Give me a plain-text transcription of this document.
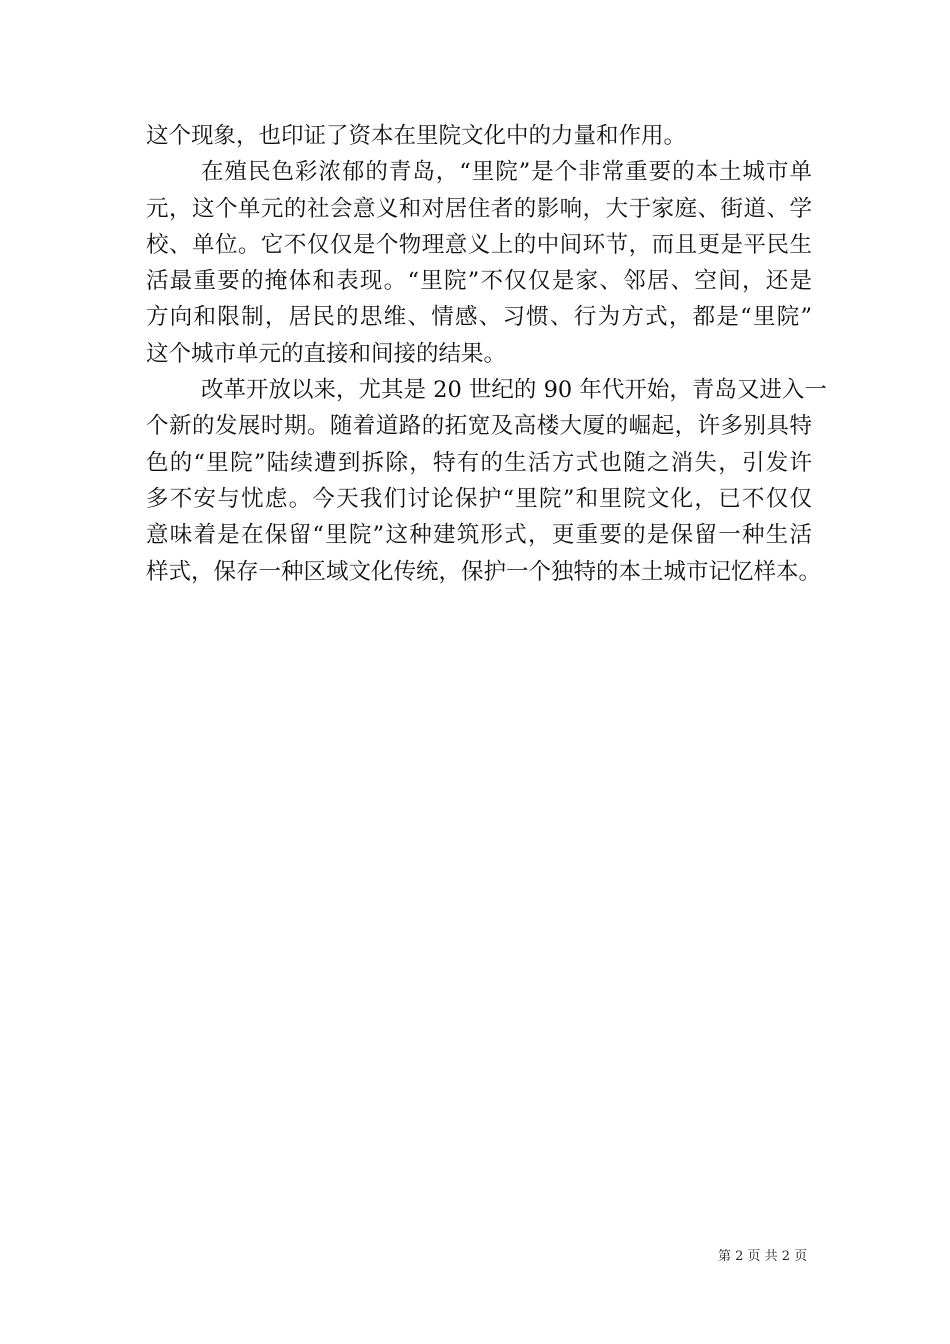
这个现象，也印证了资本在里院文化中的力量和作用。
在殖民色彩浓郁的青岛，“里院”是个非常重要的本土城市单
元，这个单元的社会意义和对居住者的影响，大于家庭、街道、学
校、单位。它不仅仅是个物理意义上的中间环节，而且更是平民生
活最重要的掩体和表现。“里院”不仅仅是家、邻居、空间，还是
方向和限制，居民的思维、情感、习惯、行为方式，都是“里院”
这个城市单元的直接和间接的结果。
改革开放以来，尤其是 20 世纪的 90 年代开始，青岛又进入一
个新的发展时期。随着道路的拓宽及高楼大厦的崛起，许多别具特
色的“里院”陆续遭到拆除，特有的生活方式也随之消失，引发许
多不安与忧虑。今天我们讨论保护“里院”和里院文化，已不仅仅
意味着是在保留“里院”这种建筑形式，更重要的是保留一种生活
样式，保存一种区域文化传统，保护一个独特的本土城市记忆样本。
第 2 页 共 2 页
